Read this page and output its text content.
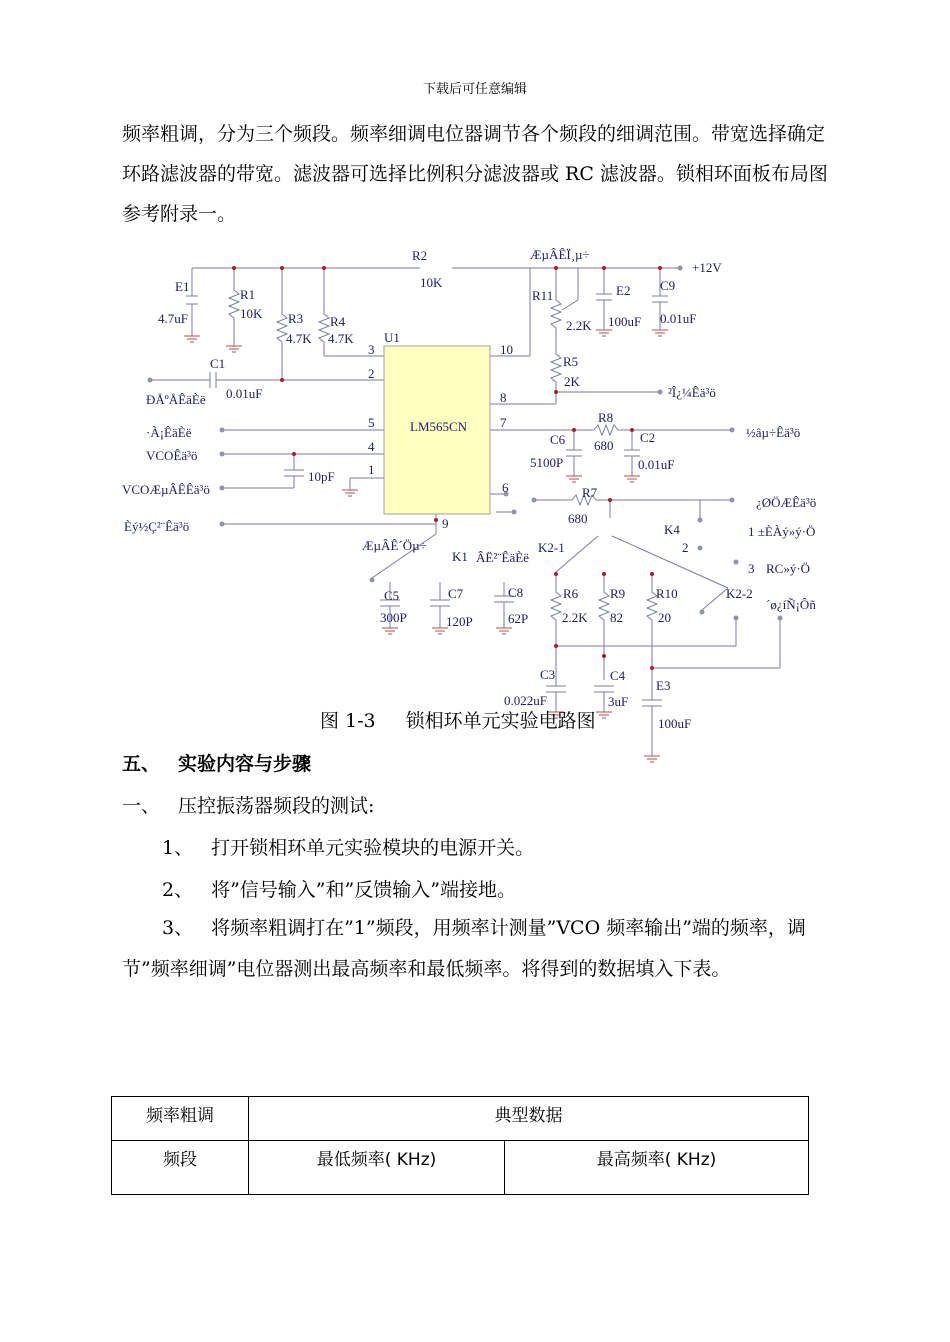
下载后可任意编辑

频率粗调，分为三个频段。频率细调电位器调节各个频段的细调范围。带宽选择确定环路滤波器的带宽。滤波器可选择比例积分滤波器或 RC 滤波器。锁相环面板布局图参考附录一。

R2
10K
ÆµÂÊÏ¸µ÷
+12V
E1
4.7uF
R1
10K R3
4.7K
R4
4.7K U1
R11
2.2K
E2
100uF
C9
0.01uF
C1
0.01uF
ÐÅºÅÊäÈë
R5
2K
LM565CN
3
2
5
4
1
10
8
7
6
9
²Î¿¼Êä³ö
R8
680
C6
5100P
C2
0.01uF
½âµ÷Êä³ö
·À¡ÊäÈë
VCOÊä³ö
10pF
VCOÆµÂÊÊä³ö	R7
680
¿ØÖÆÊä³ö
K4	1 ±ÈÀý»ý·Ö
2
3 RC»ý·Ö
Èý½Ç²¨Êä³ö
ÆµÂÊ´Öµ÷
K1 ÂË²¨ÊäÈë
K2-1
K2-2
´ø¿íÑ¡Ôñ
C5
300P
C7
120P
C8
62P
R6
2.2K
R9
82
R10
20
C3
0.022uF
C4
3uF
E3
100uF
图 1-3 锁相环单元实验电路图
五、 实验内容与步骤
一、 压控振荡器频段的测试:
1、 打开锁相环单元实验模块的电源开关。
2、 将”信号输入”和”反馈输入”端接地。
3、 将频率粗调打在”1”频段，用频率计测量”VCO 频率输出”端的频率，调节”频率细调”电位器测出最高频率和最低频率。将得到的数据填入下表。
频率粗调	典型数据	
频段	最低频率( KHz)	最高频率( KHz)
